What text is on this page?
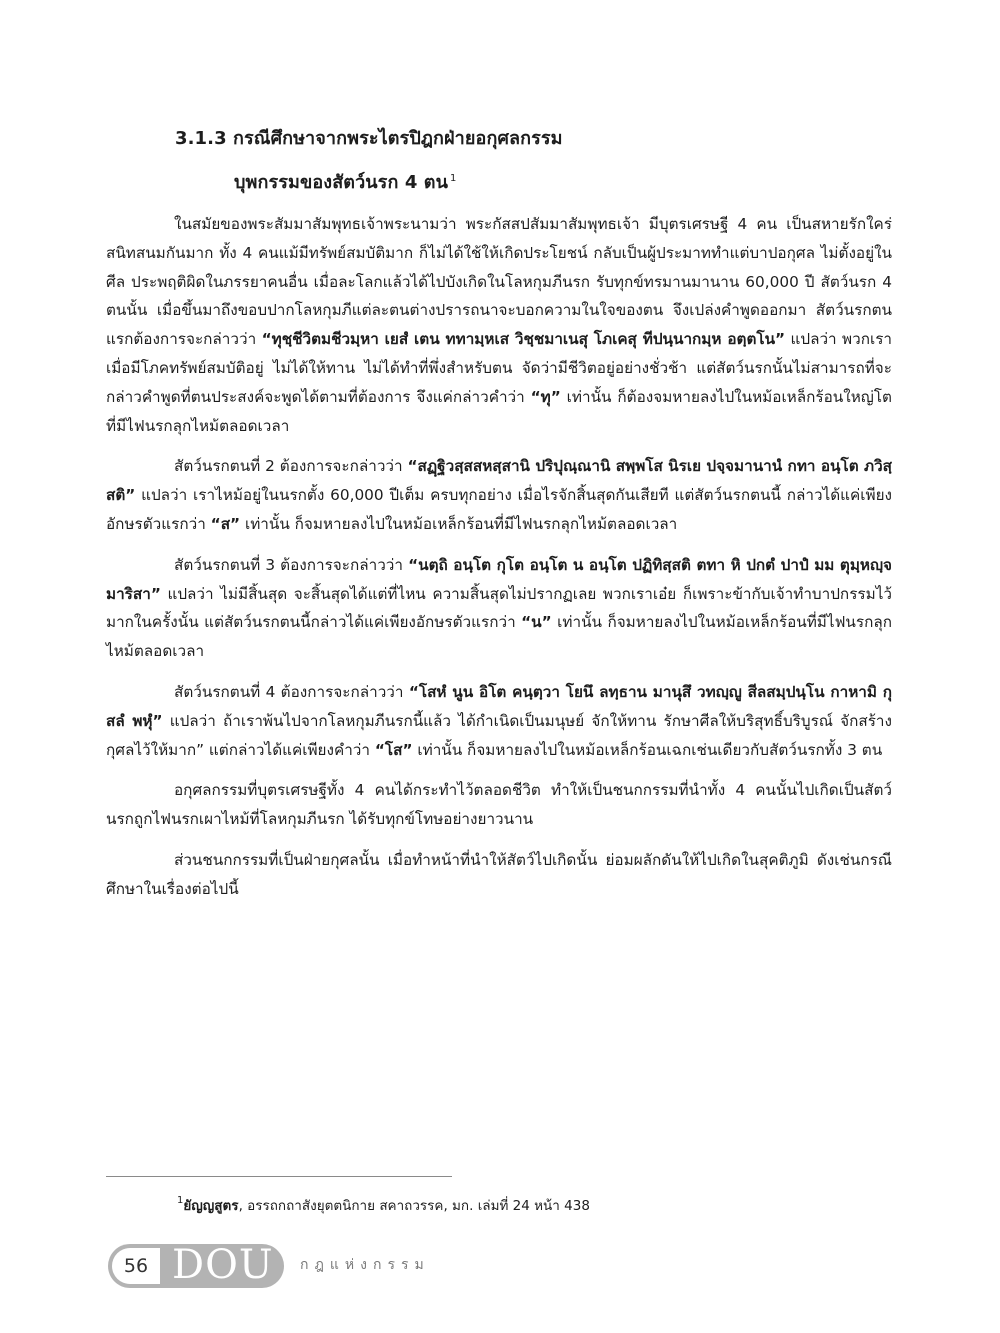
3.1.3 กรณีศึกษาจากพระไตรปิฎกฝ่ายอกุศลกรรม
บุพกรรมของสัตว์นรก 4 ตน $^1$

ในสมัยของพระสัมมาสัมพุทธเจ้าพระนามว่า พระกัสสปสัมมาสัมพุทธเจ้า มีบุตรเศรษฐี 4 คน เป็นสหายรักใคร่สนิทสนมกันมาก ทั้ง 4 คนแม้มีทรัพย์สมบัติมาก ก็ไม่ได้ใช้ให้เกิดประโยชน์ กลับเป็นผู้ประมาททำแต่บาปอกุศล ไม่ตั้งอยู่ในศีล ประพฤติผิดในภรรยาคนอื่น เมื่อละโลกแล้วได้ไปบังเกิดในโลหกุมภีนรก รับทุกข์ทรมานมานาน 60,000 ปี สัตว์นรก 4 ตนนั้น เมื่อขึ้นมาถึงขอบปากโลหกุมภีแต่ละตนต่างปรารถนาจะบอกความในใจของตน จึงเปล่งคำพูดออกมา สัตว์นรกตนแรกต้องการจะกล่าวว่า “ทุชฺชีวิตมชีวมฺหา เยสํ เตน ททามฺหเส วิชฺชมาเนสุ โภเคสุ ทีปนฺนากมฺห อตฺตโน” แปลว่า พวกเราเมื่อมีโภคทรัพย์สมบัติอยู่ ไม่ได้ให้ทาน ไม่ได้ทำที่พึ่งสำหรับตน จัดว่ามีชีวิตอยู่อย่างชั่วช้า แต่สัตว์นรกนั้นไม่สามารถที่จะกล่าวคำพูดที่ตนประสงค์จะพูดได้ตามที่ต้องการ จึงแค่กล่าวคำว่า “ทุ” เท่านั้น ก็ต้องจมหายลงไปในหม้อเหล็กร้อนใหญ่โตที่มีไฟนรกลุกไหม้ตลอดเวลา

สัตว์นรกตนที่ 2 ต้องการจะกล่าวว่า “สฏฺฐิวสฺสสหสฺสานิ ปริปุณฺณานิ สพฺพโส นิรเย ปจฺจมานานํ กทา อนฺโต ภวิสฺสติ” แปลว่า เราไหม้อยู่ในนรกตั้ง 60,000 ปีเต็ม ครบทุกอย่าง เมื่อไรจักสิ้นสุดกันเสียที แต่สัตว์นรกตนนี้ กล่าวได้แค่เพียงอักษรตัวแรกว่า “ส” เท่านั้น ก็จมหายลงไปในหม้อเหล็กร้อนที่มีไฟนรกลุกไหม้ตลอดเวลา

สัตว์นรกตนที่ 3 ต้องการจะกล่าวว่า “นตฺถิ อนฺโต กุโต อนฺโต น อนฺโต ปฏิทิสฺสติ ตทา หิ ปกตํ ปาปํ มม ตุมฺหญฺจ มาริสา” แปลว่า ไม่มีสิ้นสุด จะสิ้นสุดได้แต่ที่ไหน ความสิ้นสุดไม่ปรากฏเลย พวกเราเอ๋ย ก็เพราะข้ากับเจ้าทำบาปกรรมไว้มากในครั้งนั้น แต่สัตว์นรกตนนี้กล่าวได้แค่เพียงอักษรตัวแรกว่า “น” เท่านั้น ก็จมหายลงไปในหม้อเหล็กร้อนที่มีไฟนรกลุกไหม้ตลอดเวลา

สัตว์นรกตนที่ 4 ต้องการจะกล่าวว่า “โสหํ นูน อิโต คนฺตฺวา โยนึ ลทฺธาน มานุสึ วทญฺญู สีลสมฺปนฺโน กาหามิ กุสลํ พหุํ” แปลว่า ถ้าเราพ้นไปจากโลหกุมภีนรกนี้แล้ว ได้กำเนิดเป็นมนุษย์ จักให้ทาน รักษาศีลให้บริสุทธิ์บริบูรณ์ จักสร้างกุศลไว้ให้มาก” แต่กล่าวได้แค่เพียงคำว่า “โส” เท่านั้น ก็จมหายลงไปในหม้อเหล็กร้อนเฉกเช่นเดียวกับสัตว์นรกทั้ง 3 ตน

อกุศลกรรมที่บุตรเศรษฐีทั้ง 4 คนได้กระทำไว้ตลอดชีวิต ทำให้เป็นชนกกรรมที่นำทั้ง 4 คนนั้นไปเกิดเป็นสัตว์นรกถูกไฟนรกเผาไหม้ที่โลหกุมภีนรก ได้รับทุกข์โทษอย่างยาวนาน

ส่วนชนกกรรมที่เป็นฝ่ายกุศลนั้น เมื่อทำหน้าที่นำให้สัตว์ไปเกิดนั้น ย่อมผลักดันให้ไปเกิดในสุคติภูมิ ดังเช่นกรณีศึกษาในเรื่องต่อไปนี้

$^1$ยัญญสูตร, อรรถกถาสังยุตตนิกาย สคาถวรรค, มก. เล่มที่ 24 หน้า 438
56 DOU กฎแห่งกรรม
